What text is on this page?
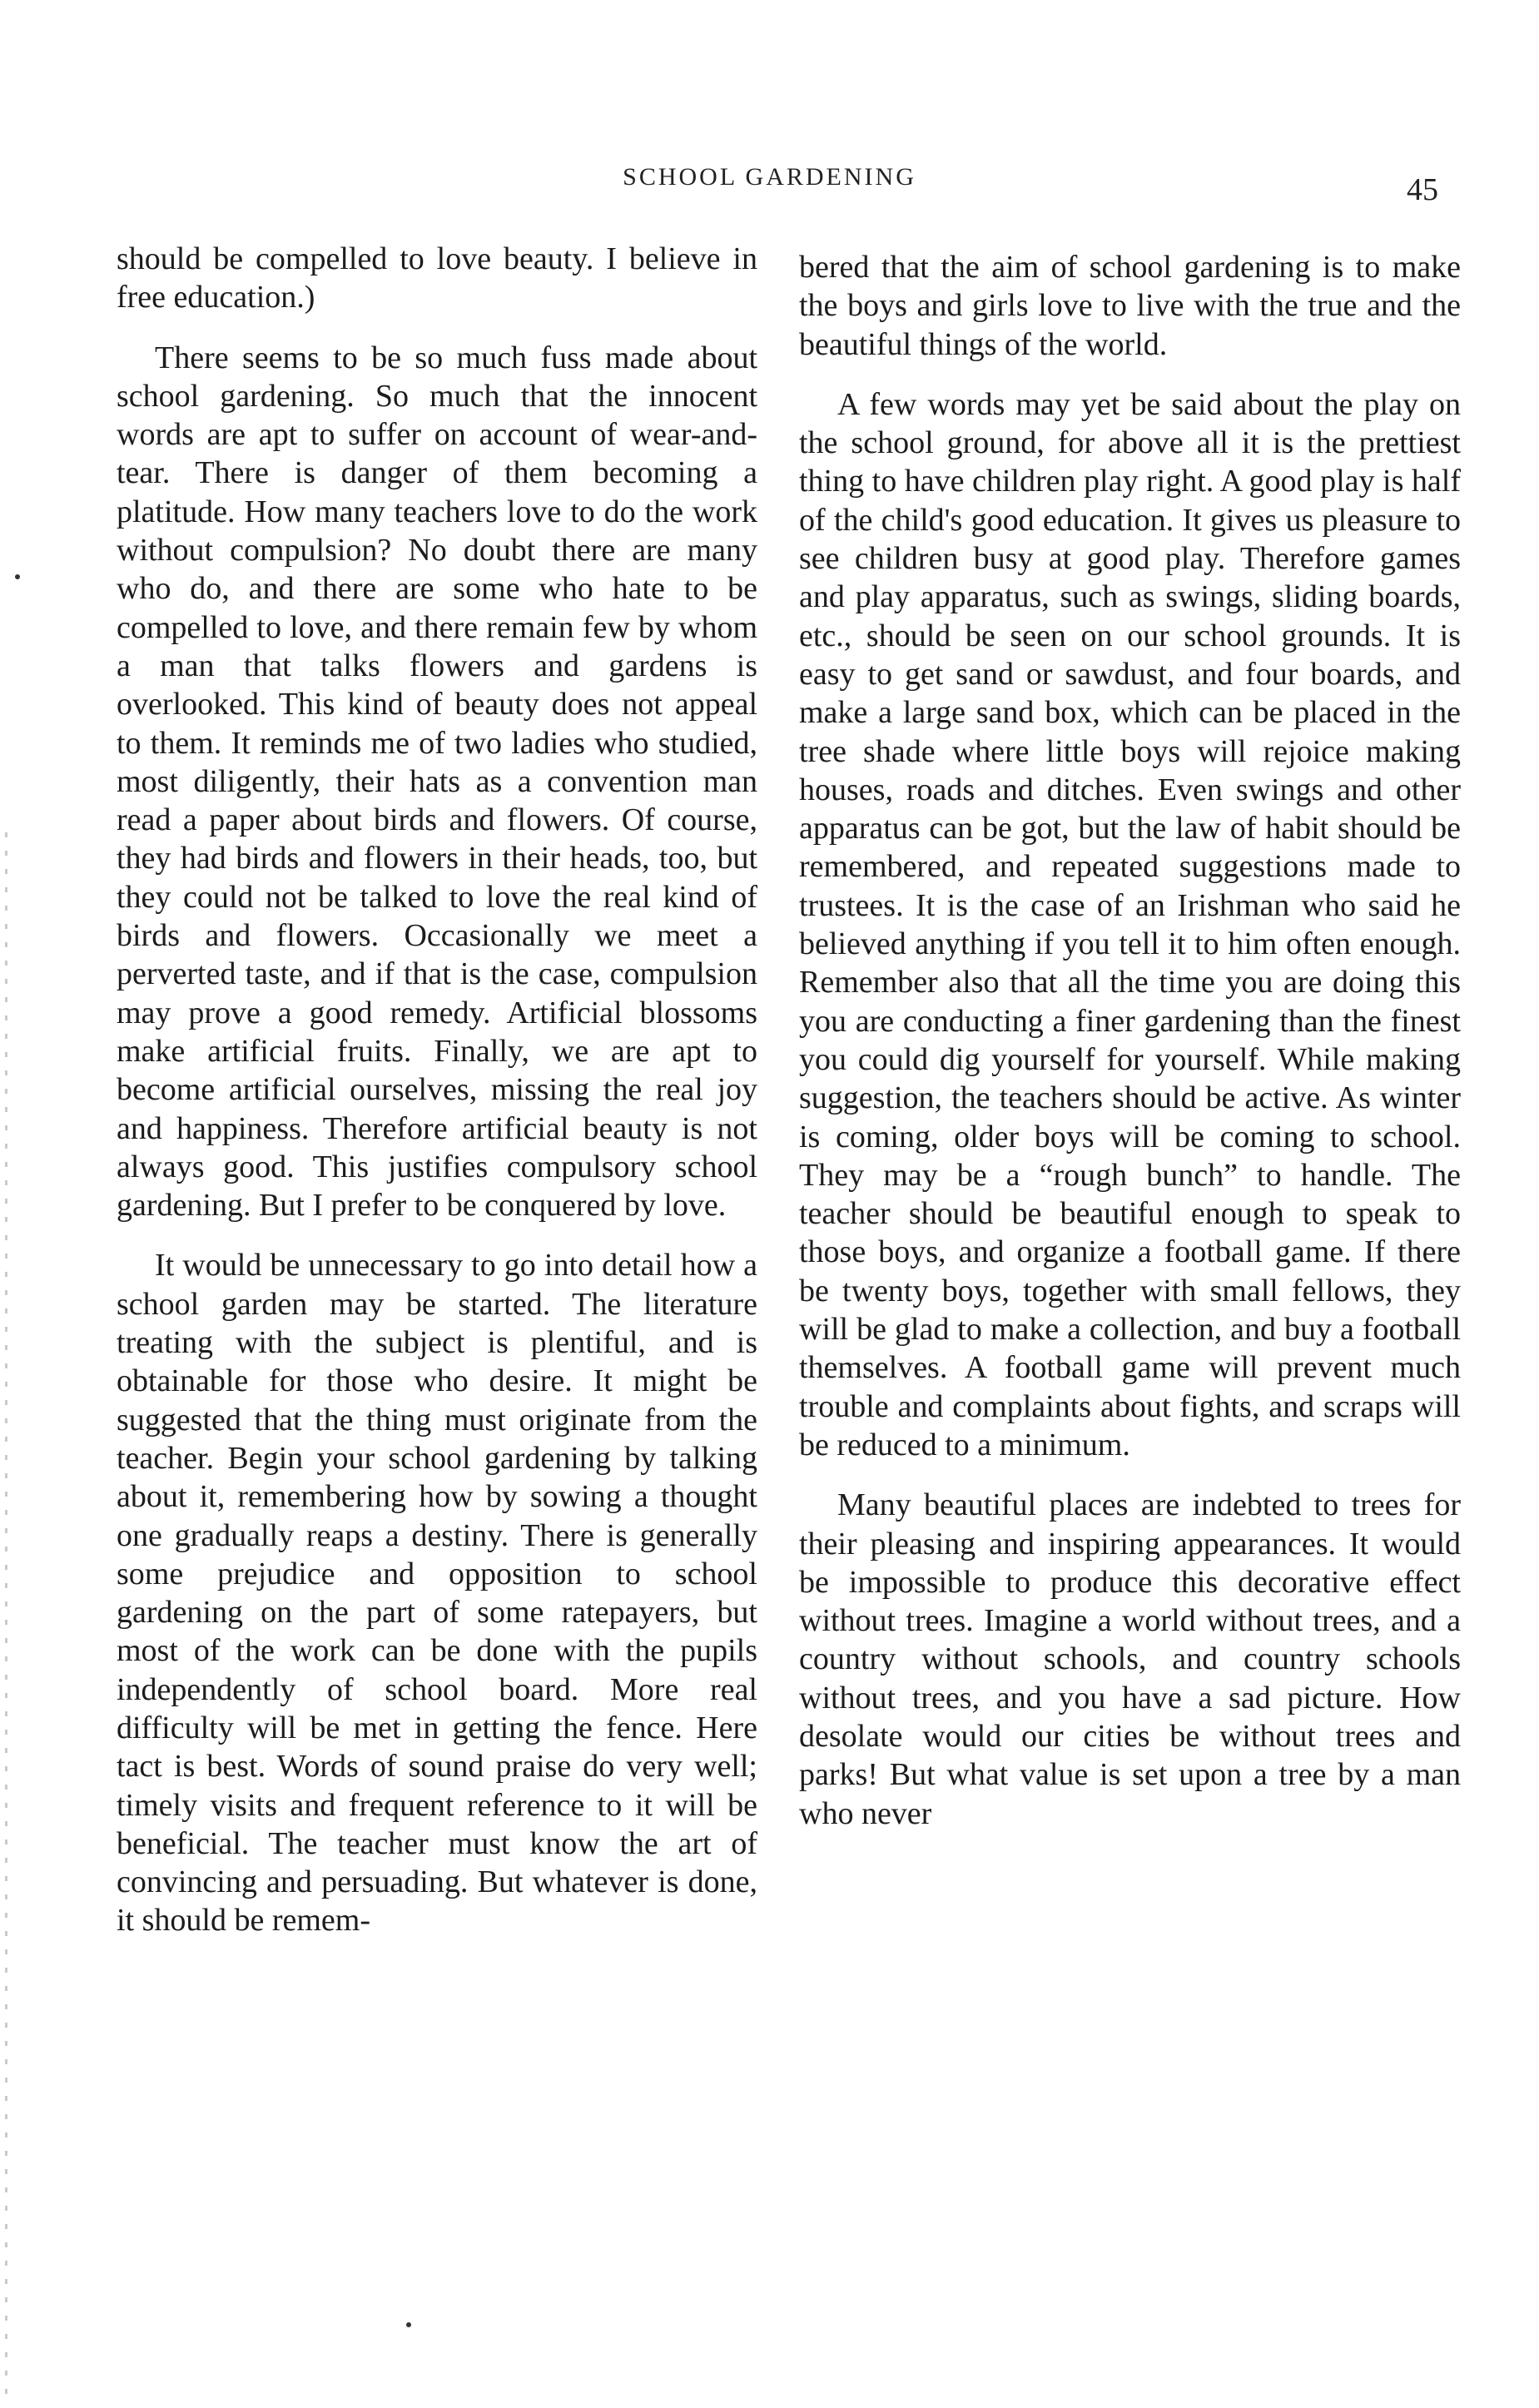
SCHOOL GARDENING	45

should be compelled to love beauty. I believe in free education.)

There seems to be so much fuss made about school gardening. So much that the innocent words are apt to suffer on account of wear-and-tear. There is danger of them becoming a platitude. How many teachers love to do the work without compulsion? No doubt there are many who do, and there are some who hate to be compelled to love, and there remain few by whom a man that talks flowers and gardens is overlooked. This kind of beauty does not appeal to them. It reminds me of two ladies who studied, most diligently, their hats as a convention man read a paper about birds and flowers. Of course, they had birds and flowers in their heads, too, but they could not be talked to love the real kind of birds and flowers. Occasionally we meet a perverted taste, and if that is the case, compulsion may prove a good remedy. Artificial blossoms make artificial fruits. Finally, we are apt to become artificial ourselves, missing the real joy and happiness. Therefore artificial beauty is not always good. This justifies compulsory school gardening. But I prefer to be conquered by love.

It would be unnecessary to go into detail how a school garden may be started. The literature treating with the subject is plentiful, and is obtainable for those who desire. It might be suggested that the thing must originate from the teacher. Begin your school gardening by talking about it, remembering how by sowing a thought one gradually reaps a destiny. There is generally some prejudice and opposition to school gardening on the part of some ratepayers, but most of the work can be done with the pupils independently of school board. More real difficulty will be met in getting the fence. Here tact is best. Words of sound praise do very well; timely visits and frequent reference to it will be beneficial. The teacher must know the art of convincing and persuading. But whatever is done, it should be remem-

bered that the aim of school gardening is to make the boys and girls love to live with the true and the beautiful things of the world.

A few words may yet be said about the play on the school ground, for above all it is the prettiest thing to have children play right. A good play is half of the child's good education. It gives us pleasure to see children busy at good play. Therefore games and play apparatus, such as swings, sliding boards, etc., should be seen on our school grounds. It is easy to get sand or sawdust, and four boards, and make a large sand box, which can be placed in the tree shade where little boys will rejoice making houses, roads and ditches. Even swings and other apparatus can be got, but the law of habit should be remembered, and repeated suggestions made to trustees. It is the case of an Irishman who said he believed anything if you tell it to him often enough. Remember also that all the time you are doing this you are conducting a finer gardening than the finest you could dig yourself for yourself. While making suggestion, the teachers should be active. As winter is coming, older boys will be coming to school. They may be a “rough bunch” to handle. The teacher should be beautiful enough to speak to those boys, and organize a football game. If there be twenty boys, together with small fellows, they will be glad to make a collection, and buy a football themselves. A football game will prevent much trouble and complaints about fights, and scraps will be reduced to a minimum.

Many beautiful places are indebted to trees for their pleasing and inspiring appearances. It would be impossible to produce this decorative effect without trees. Imagine a world without trees, and a country without schools, and country schools without trees, and you have a sad picture. How desolate would our cities be without trees and parks! But what value is set upon a tree by a man who never
